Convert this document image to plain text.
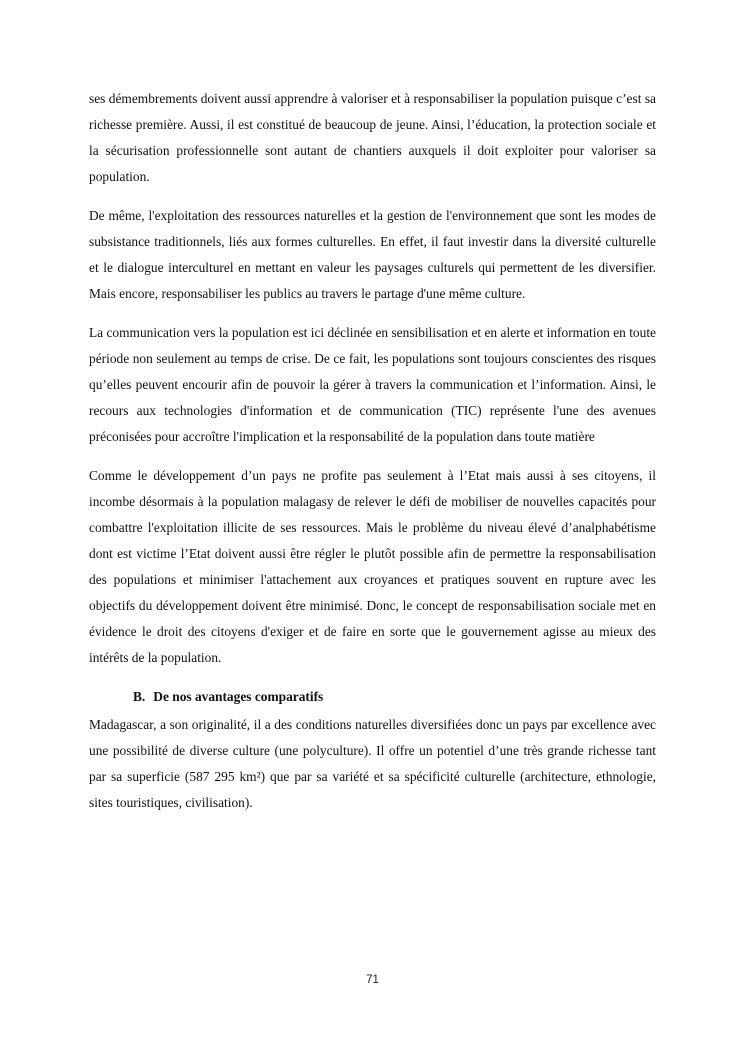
ses démembrements doivent aussi apprendre à valoriser et à responsabiliser la population puisque c’est sa richesse première. Aussi, il est constitué de beaucoup de jeune. Ainsi, l’éducation, la protection sociale et la sécurisation professionnelle sont autant de chantiers auxquels il doit exploiter pour valoriser sa population.

De même, l'exploitation des ressources naturelles et la gestion de l'environnement que sont les modes de subsistance traditionnels, liés aux formes culturelles. En effet, il faut investir dans la diversité culturelle et le dialogue interculturel en mettant en valeur les paysages culturels qui permettent de les diversifier. Mais encore, responsabiliser les publics au travers le partage d'une même culture.

La communication vers la population est ici déclinée en sensibilisation et en alerte et information en toute période non seulement au temps de crise. De ce fait, les populations sont toujours conscientes des risques qu’elles peuvent encourir afin de pouvoir la gérer à travers la communication et l’information. Ainsi, le recours aux technologies d'information et de communication (TIC) représente l'une des avenues préconisées pour accroître l'implication et la responsabilité de la population dans toute matière

Comme le développement d’un pays ne profite pas seulement à l’Etat mais aussi à ses citoyens, il incombe désormais à la population malagasy de relever le défi de mobiliser de nouvelles capacités pour combattre l'exploitation illicite de ses ressources. Mais le problème du niveau élevé d’analphabétisme dont est victime l’Etat doivent aussi être régler le plutôt possible afin de permettre la responsabilisation des populations et minimiser l'attachement aux croyances et pratiques souvent en rupture avec les objectifs du développement doivent être minimisé. Donc, le concept de responsabilisation sociale met en évidence le droit des citoyens d'exiger et de faire en sorte que le gouvernement agisse au mieux des intérêts de la population.

B. De nos avantages comparatifs

Madagascar, a son originalité, il a des conditions naturelles diversifiées donc un pays par excellence avec une possibilité de diverse culture (une polyculture). Il offre un potentiel d’une très grande richesse tant par sa superficie (587 295 km²) que par sa variété et sa spécificité culturelle (architecture, ethnologie, sites touristiques, civilisation).

71
